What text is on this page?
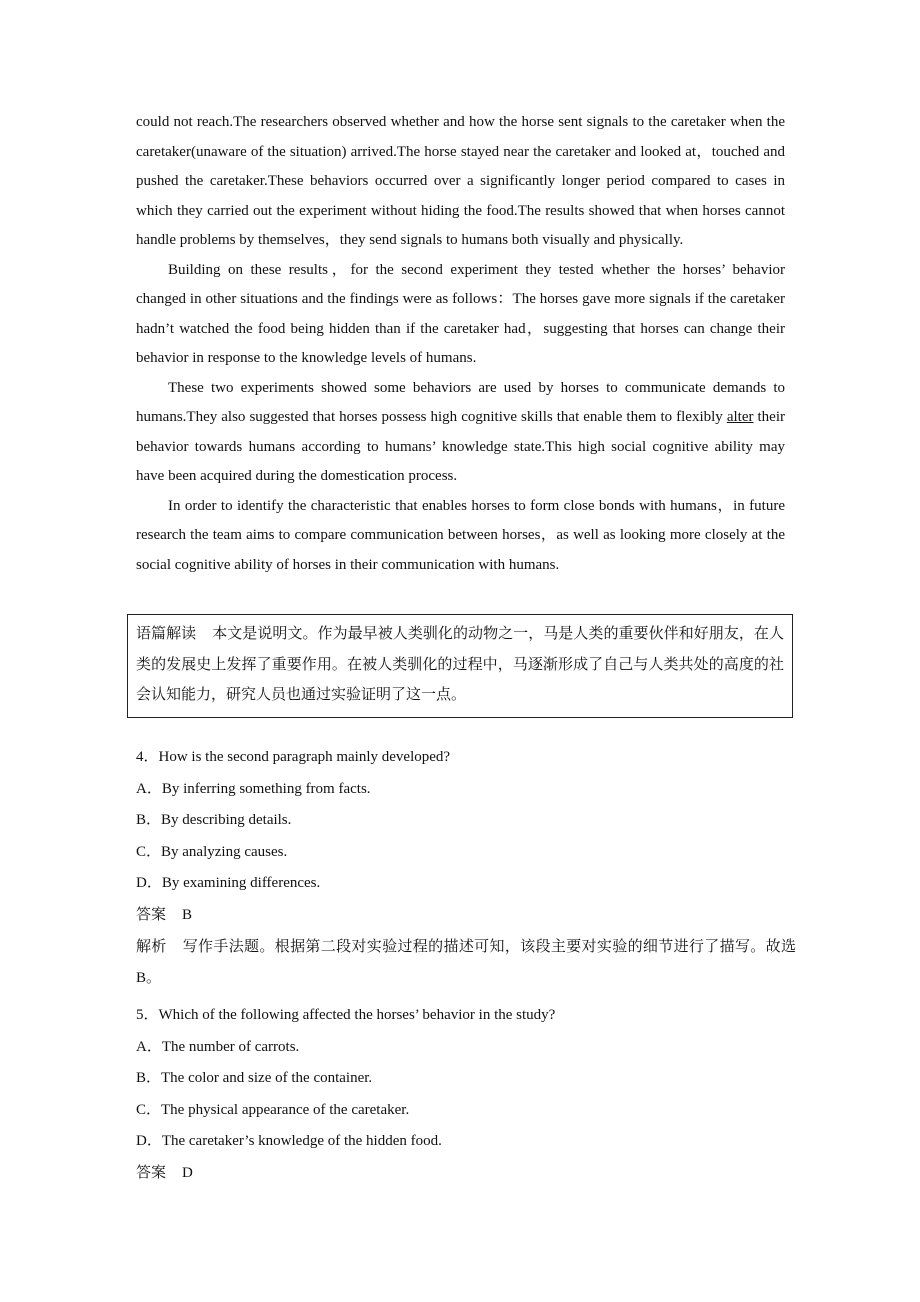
could not reach.The researchers observed whether and how the horse sent signals to the caretaker when the caretaker(unaware of the situation) arrived.The horse stayed near the caretaker and looked at，touched and pushed the caretaker.These behaviors occurred over a significantly longer period compared to cases in which they carried out the experiment without hiding the food.The results showed that when horses cannot handle problems by themselves，they send signals to humans both visually and physically.

Building on these results，for the second experiment they tested whether the horses’ behavior changed in other situations and the findings were as follows：The horses gave more signals if the caretaker hadn’t watched the food being hidden than if the caretaker had，suggesting that horses can change their behavior in response to the knowledge levels of humans.

These two experiments showed some behaviors are used by horses to communicate demands to humans.They also suggested that horses possess high cognitive skills that enable them to flexibly alter their behavior towards humans according to humans’ knowledge state.This high social cognitive ability may have been acquired during the domestication process.

In order to identify the characteristic that enables horses to form close bonds with humans，in future research the team aims to compare communication between horses，as well as looking more closely at the social cognitive ability of horses in their communication with humans.

语篇解读 本文是说明文。作为最早被人类驯化的动物之一，马是人类的重要伙伴和好朋友，在人类的发展史上发挥了重要作用。在被人类驯化的过程中，马逐渐形成了自己与人类共处的高度的社会认知能力，研究人员也通过实验证明了这一点。
4．How is the second paragraph mainly developed?
A．By inferring something from facts.
B．By describing details.
C．By analyzing causes.
D．By examining differences.
答案 B
解析 写作手法题。根据第二段对实验过程的描述可知，该段主要对实验的细节进行了描写。故选 B。
5．Which of the following affected the horses’ behavior in the study?
A．The number of carrots.
B．The color and size of the container.
C．The physical appearance of the caretaker.
D．The caretaker’s knowledge of the hidden food.
答案 D
